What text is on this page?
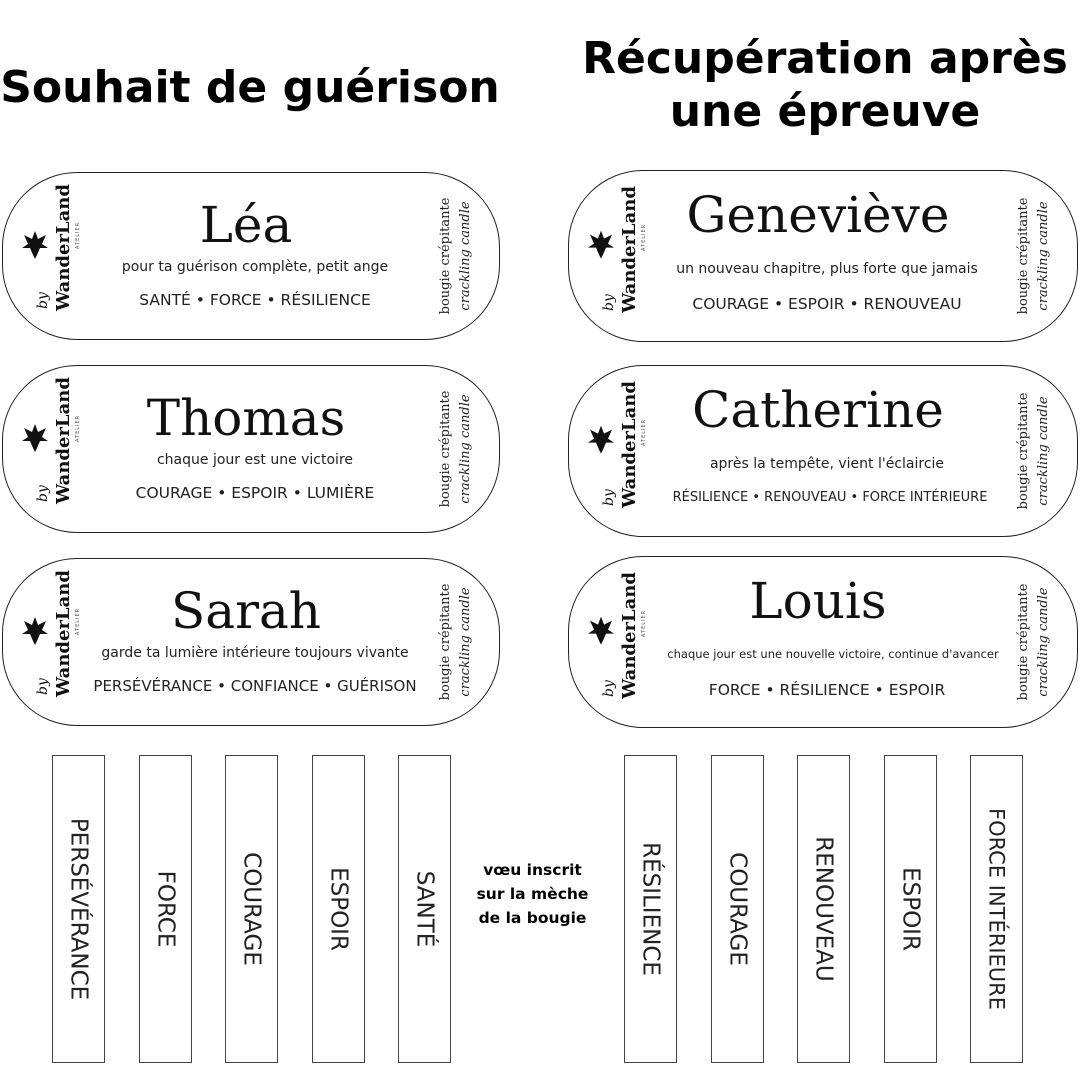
Souhait de guérison
Récupération après une épreuve
WanderLand
by
ATELIER	Léa
pour ta guérison complète, petit ange
SANTÉ • FORCE • RÉSILIENCE	bougie crépitante crackling candle
WanderLand
by
ATELIER	Thomas
chaque jour est une victoire
COURAGE • ESPOIR • LUMIÈRE	bougie crépitante crackling candle
WanderLand
by
ATELIER	Sarah
garde ta lumière intérieure toujours vivante
PERSÉVÉRANCE • CONFIANCE • GUÉRISON	bougie crépitante crackling candle
WanderLand
by
ATELIER Geneviève
un nouveau chapitre, plus forte que jamais
COURAGE • ESPOIR • RENOUVEAU	bougie crépitante crackling candle
WanderLand
by
ATELIER Catherine
après la tempête, vient l'éclaircie
RÉSILIENCE • RENOUVEAU • FORCE INTÉRIEURE	bougie crépitante crackling candle
WanderLand
by
ATELIER	Louis
chaque jour est une nouvelle victoire, continue d'avancer
FORCE • RÉSILIENCE • ESPOIR	bougie crépitante crackling candle
PERSÉVÉRANCE	FORCE	COURAGE	ESPOIR	SANTÉ
vœu inscrit sur la mèche de la bougie	RÉSILIENCE	COURAGE	RENOUVEAU	ESPOIR	FORCE INTÉRIEURE
